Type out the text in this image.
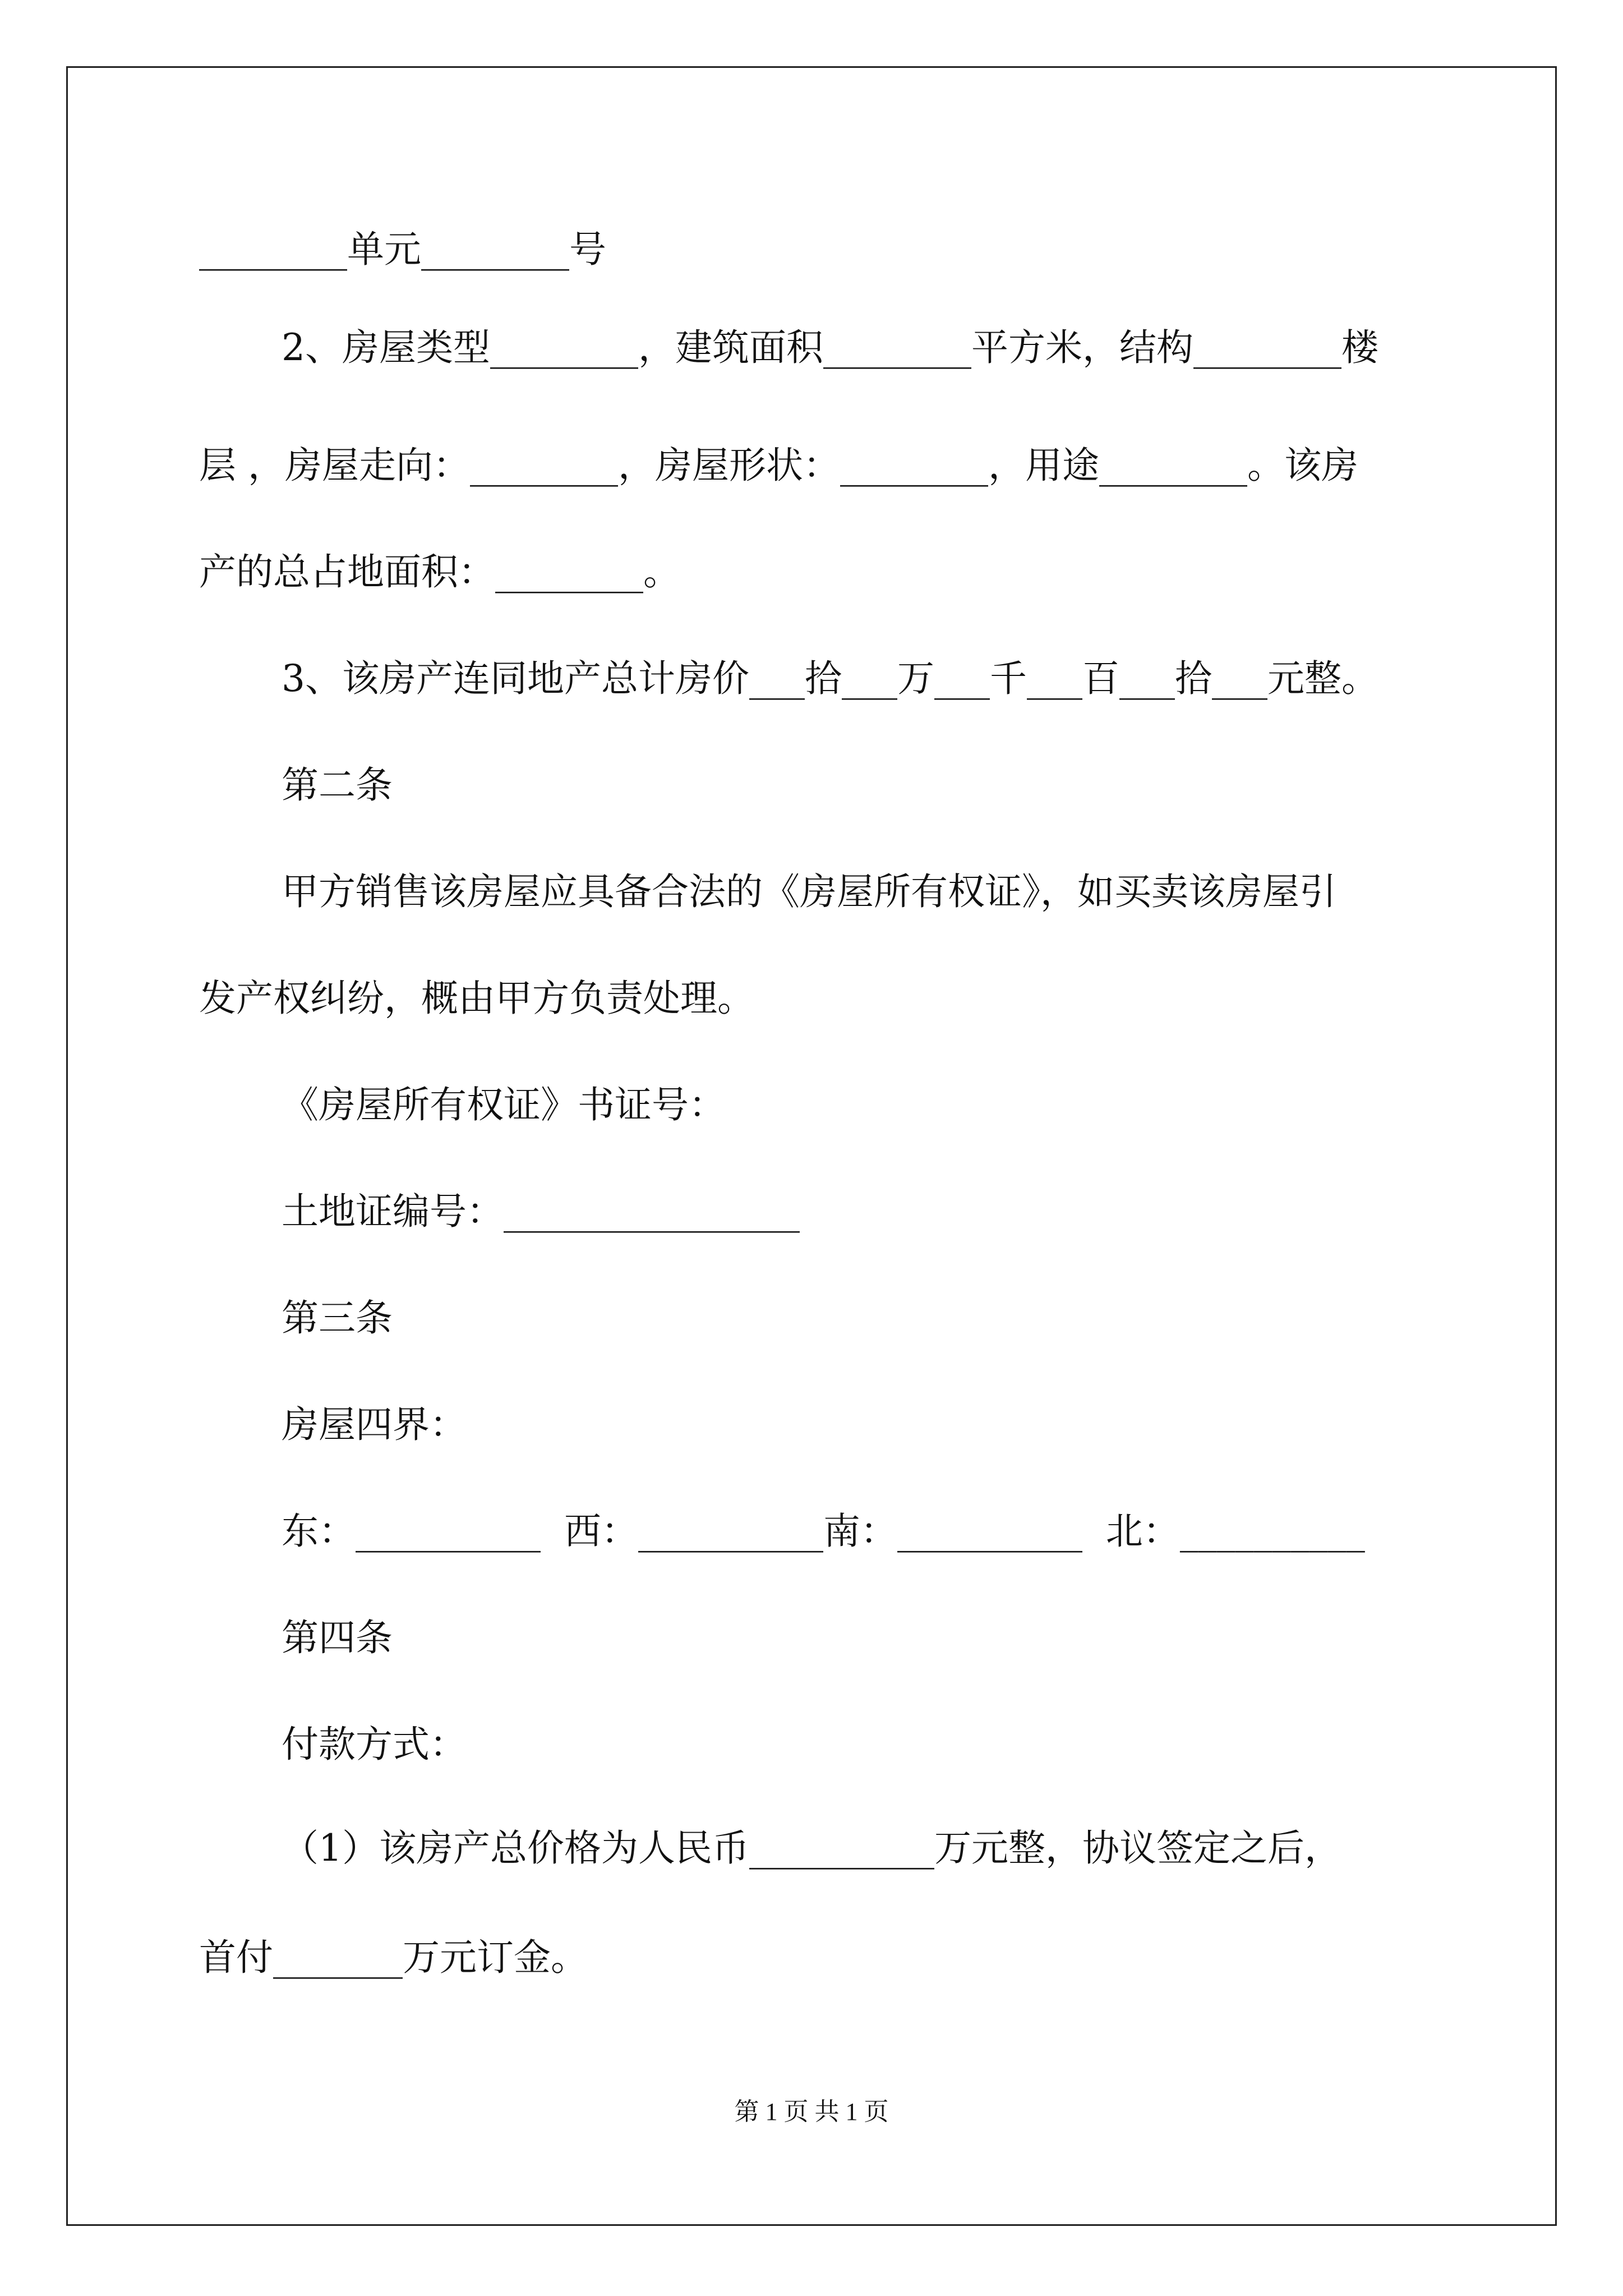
________单元________号
2、房屋类型________，建筑面积________平方米，结构________楼
层 ，房屋走向：________，房屋形状：________，用途________。该房
产的总占地面积：________。
3、该房产连同地产总计房价___拾___万___千___百___拾___元整。
第二条
甲方销售该房屋应具备合法的《房屋所有权证》，如买卖该房屋引
发产权纠纷，概由甲方负责处理。
《房屋所有权证》书证号：
土地证编号：________________
第三条
房屋四界：
东：__________  西：__________南：__________  北：__________
第四条
付款方式：
（1）该房产总价格为人民币__________万元整，协议签定之后，
首付_______万元订金。
第 1 页 共 1 页
